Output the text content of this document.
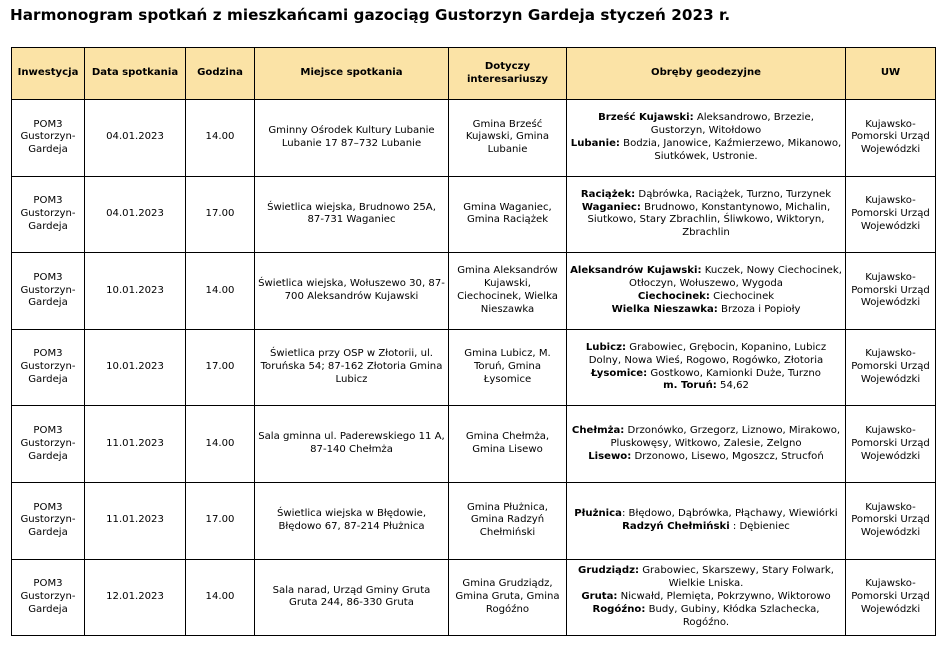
Harmonogram spotkań z mieszkańcami gazociąg Gustorzyn Gardeja styczeń 2023 r.
Inwestycja	Data spotkania	Godzina	Miejsce spotkania	Dotyczy interesariuszy	Obręby geodezyjne	UW
POM3 Gustorzyn-Gardeja	04.01.2023	14.00	Gminny Ośrodek Kultury Lubanie Lubanie 17 87–732 Lubanie	Gmina Brześć Kujawski, Gmina Lubanie	Brześć Kujawski: Aleksandrowo, Brzezie, Gustorzyn, Witołdowo
Lubanie: Bodzia, Janowice, Kaźmierzewo, Mikanowo, Siutkówek, Ustronie.	Kujawsko-Pomorski Urząd Wojewódzki
POM3 Gustorzyn-Gardeja	04.01.2023	17.00	Świetlica wiejska, Brudnowo 25A, 87-731 Waganiec	Gmina Waganiec, Gmina Raciążek	Raciążek: Dąbrówka, Raciążek, Turzno, Turzynek
Waganiec: Brudnowo, Konstantynowo, Michalin, Siutkowo, Stary Zbrachlin, Śliwkowo, Wiktoryn, Zbrachlin	Kujawsko-Pomorski Urząd Wojewódzki
POM3 Gustorzyn-Gardeja	10.01.2023	14.00	Świetlica wiejska, Wołuszewo 30, 87-700 Aleksandrów Kujawski	Gmina Aleksandrów Kujawski, Ciechocinek, Wielka Nieszawka	Aleksandrów Kujawski: Kuczek, Nowy Ciechocinek, Otłoczyn, Wołuszewo, Wygoda
Ciechocinek: Ciechocinek
Wielka Nieszawka: Brzoza i Popioły	Kujawsko-Pomorski Urząd Wojewódzki
POM3 Gustorzyn-Gardeja	10.01.2023	17.00	Świetlica przy OSP w Złotorii, ul. Toruńska 54; 87-162 Złotoria Gmina Lubicz	Gmina Lubicz, M. Toruń, Gmina Łysomice	Lubicz: Grabowiec, Grębocin, Kopanino, Lubicz Dolny, Nowa Wieś, Rogowo, Rogówko, Złotoria
Łysomice: Gostkowo, Kamionki Duże, Turzno
m. Toruń: 54,62	Kujawsko-Pomorski Urząd Wojewódzki
POM3 Gustorzyn-Gardeja	11.01.2023	14.00	Sala gminna ul. Paderewskiego 11 A, 87-140 Chełmża	Gmina Chełmża, Gmina Lisewo	Chełmża: Drzonówko, Grzegorz, Liznowo, Mirakowo, Pluskowęsy, Witkowo, Zalesie, Zelgno
Lisewo: Drzonowo, Lisewo, Mgoszcz, Strucfoń	Kujawsko-Pomorski Urząd Wojewódzki
POM3 Gustorzyn-Gardeja	11.01.2023	17.00	Świetlica wiejska w Błędowie, Błędowo 67, 87-214 Płużnica	Gmina Płużnica, Gmina Radzyń Chełmiński	Płużnica: Błędowo, Dąbrówka, Płąchawy, Wiewiórki
Radzyń Chełmiński : Dębieniec	Kujawsko-Pomorski Urząd Wojewódzki
POM3 Gustorzyn-Gardeja	12.01.2023	14.00	Sala narad, Urząd Gminy Gruta Gruta 244, 86-330 Gruta	Gmina Grudziądz, Gmina Gruta, Gmina Rogóźno	Grudziądz: Grabowiec, Skarszewy, Stary Folwark, Wielkie Lniska.
Gruta: Nicwałd, Plemięta, Pokrzywno, Wiktorowo
Rogóźno: Budy, Gubiny, Kłódka Szlachecka, Rogóźno.	Kujawsko-Pomorski Urząd Wojewódzki
